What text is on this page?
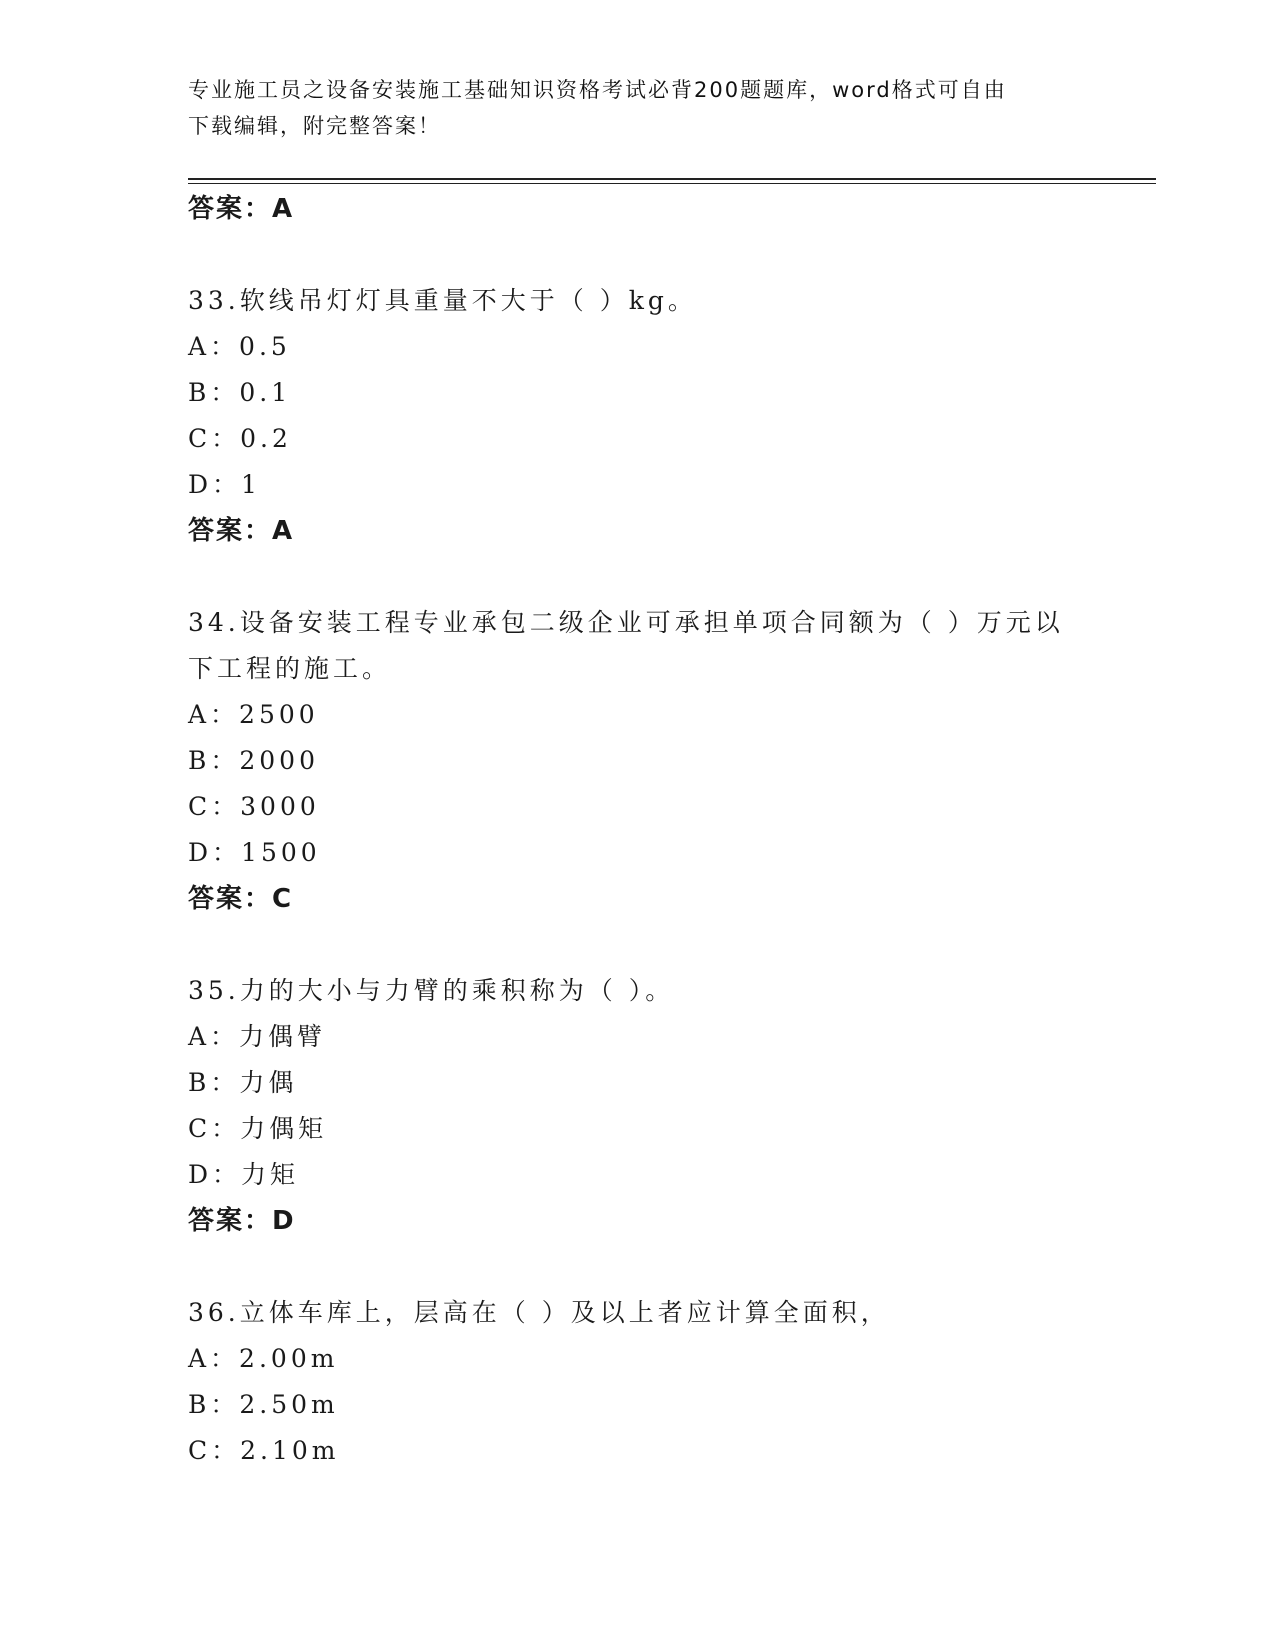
专业施工员之设备安装施工基础知识资格考试必背200题题库，word格式可自由
下载编辑，附完整答案！
答案：A
33.软线吊灯灯具重量不大于（ ）kg。
A：0.5
B：0.1
C：0.2
D：1
答案：A
34.设备安装工程专业承包二级企业可承担单项合同额为（ ）万元以
下工程的施工。
A：2500
B：2000
C：3000
D：1500
答案：C
35.力的大小与力臂的乘积称为（ ）。
A：力偶臂
B：力偶
C：力偶矩
D：力矩
答案：D
36.立体车库上，层高在（ ）及以上者应计算全面积，
A：2.00m
B：2.50m
C：2.10m
